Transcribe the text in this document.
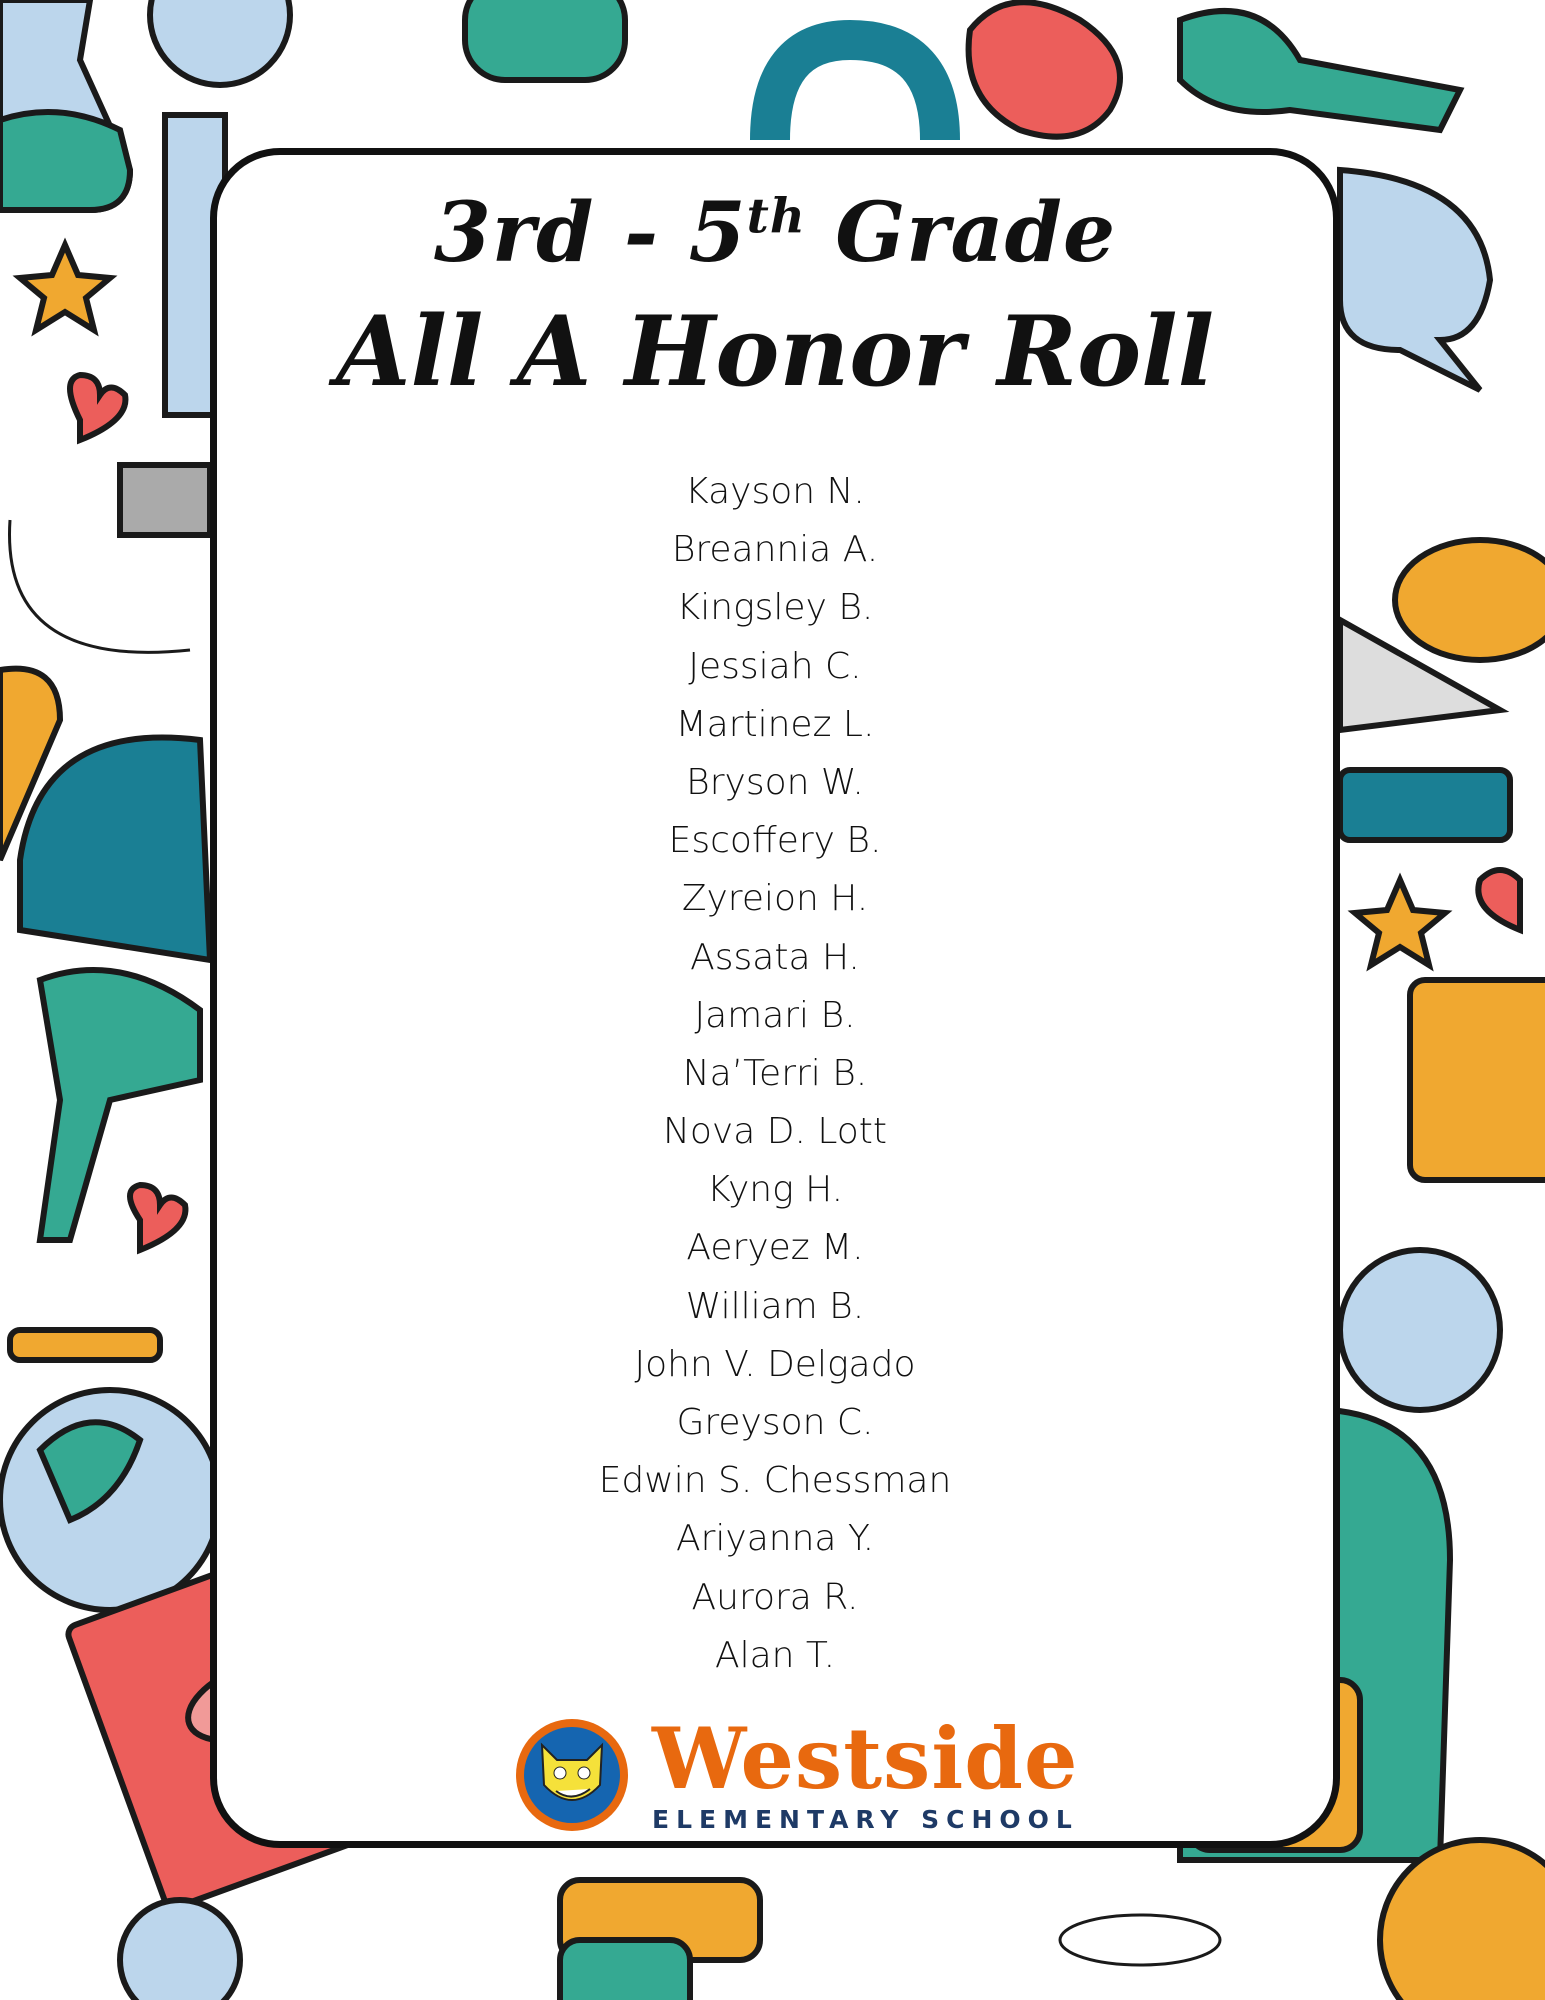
3rd - 5th Grade
All A Honor Roll
Kayson N.
Breannia A.
Kingsley B.
Jessiah C.
Martinez L.
Bryson W.
Escoffery B.
Zyreion H.
Assata H.
Jamari B.
Na’Terri B.
Nova D. Lott
Kyng H.
Aeryez M.
William B.
John V. Delgado
Greyson C.
Edwin S. Chessman
Ariyanna Y.
Aurora R.
Alan T.
Westside
ELEMENTARY SCHOOL
